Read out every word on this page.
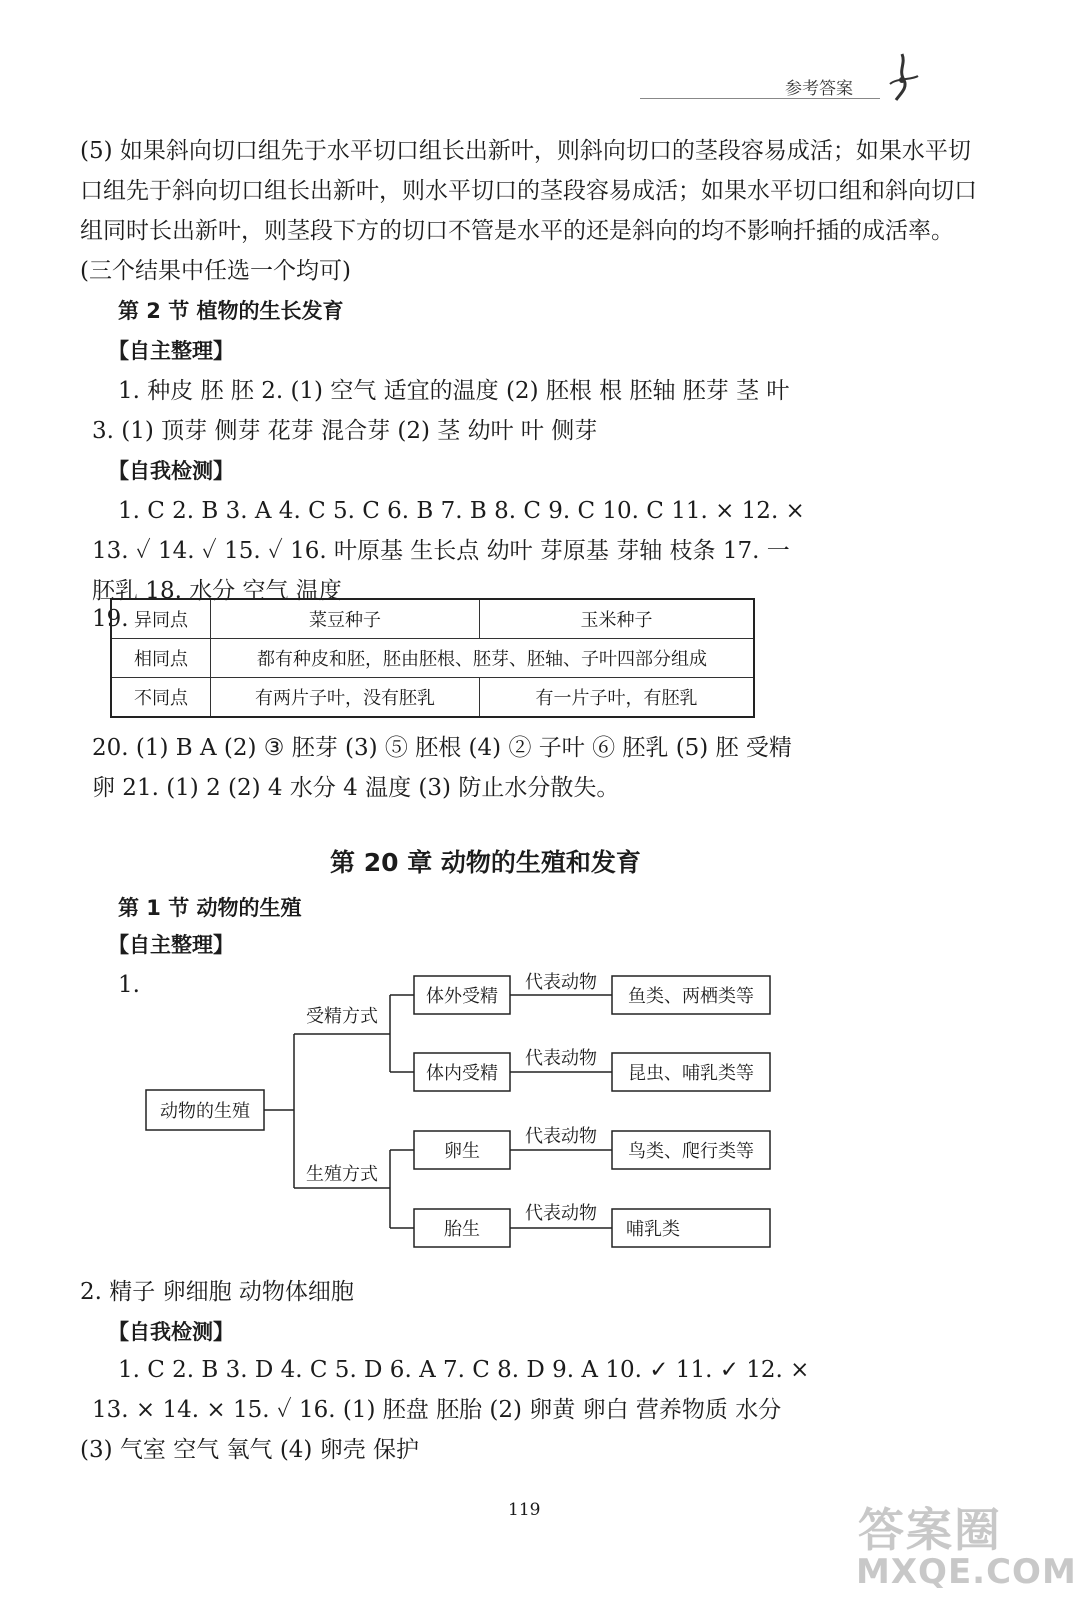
参考答案
(5) 如果斜向切口组先于水平切口组长出新叶，则斜向切口的茎段容易成活；如果水平切
口组先于斜向切口组长出新叶，则水平切口的茎段容易成活；如果水平切口组和斜向切口
组同时长出新叶，则茎段下方的切口不管是水平的还是斜向的均不影响扦插的成活率。
(三个结果中任选一个均可)
第 2 节 植物的生长发育
【自主整理】
1. 种皮 胚 胚 2. (1) 空气 适宜的温度 (2) 胚根 根 胚轴 胚芽 茎 叶
3. (1) 顶芽 侧芽 花芽 混合芽 (2) 茎 幼叶 叶 侧芽
【自我检测】
1. C 2. B 3. A 4. C 5. C 6. B 7. B 8. C 9. C 10. C 11. × 12. ×
13. ✓ 14. ✓ 15. ✓ 16. 叶原基 生长点 幼叶 芽原基 芽轴 枝条 17. 一
胚乳 18. 水分 空气 温度
19. 异同点	菜豆种子	玉米种子
相同点	都有种皮和胚，胚由胚根、胚芽、胚轴、子叶四部分组成	
不同点	有两片子叶，没有胚乳	有一片子叶，有胚乳
20. (1) B A (2) ③ 胚芽 (3) ⑤ 胚根 (4) ② 子叶 ⑥ 胚乳 (5) 胚 受精
卵 21. (1) 2 (2) 4 水分 4 温度 (3) 防止水分散失。
第 20 章 动物的生殖和发育
第 1 节 动物的生殖
【自主整理】
1.
动物的生殖
受精方式
生殖方式
体外受精
体内受精
卵生
胎生
代表动物
代表动物
代表动物
代表动物
鱼类、两栖类等
昆虫、哺乳类等
鸟类、爬行类等
哺乳类
2. 精子 卵细胞 动物体细胞
【自我检测】
1. C 2. B 3. D 4. C 5. D 6. A 7. C 8. D 9. A 10. ✓ 11. ✓ 12. ×
13. × 14. × 15. ✓ 16. (1) 胚盘 胚胎 (2) 卵黄 卵白 营养物质 水分
(3) 气室 空气 氧气 (4) 卵壳 保护
119	答案圈
MXQE.COM
